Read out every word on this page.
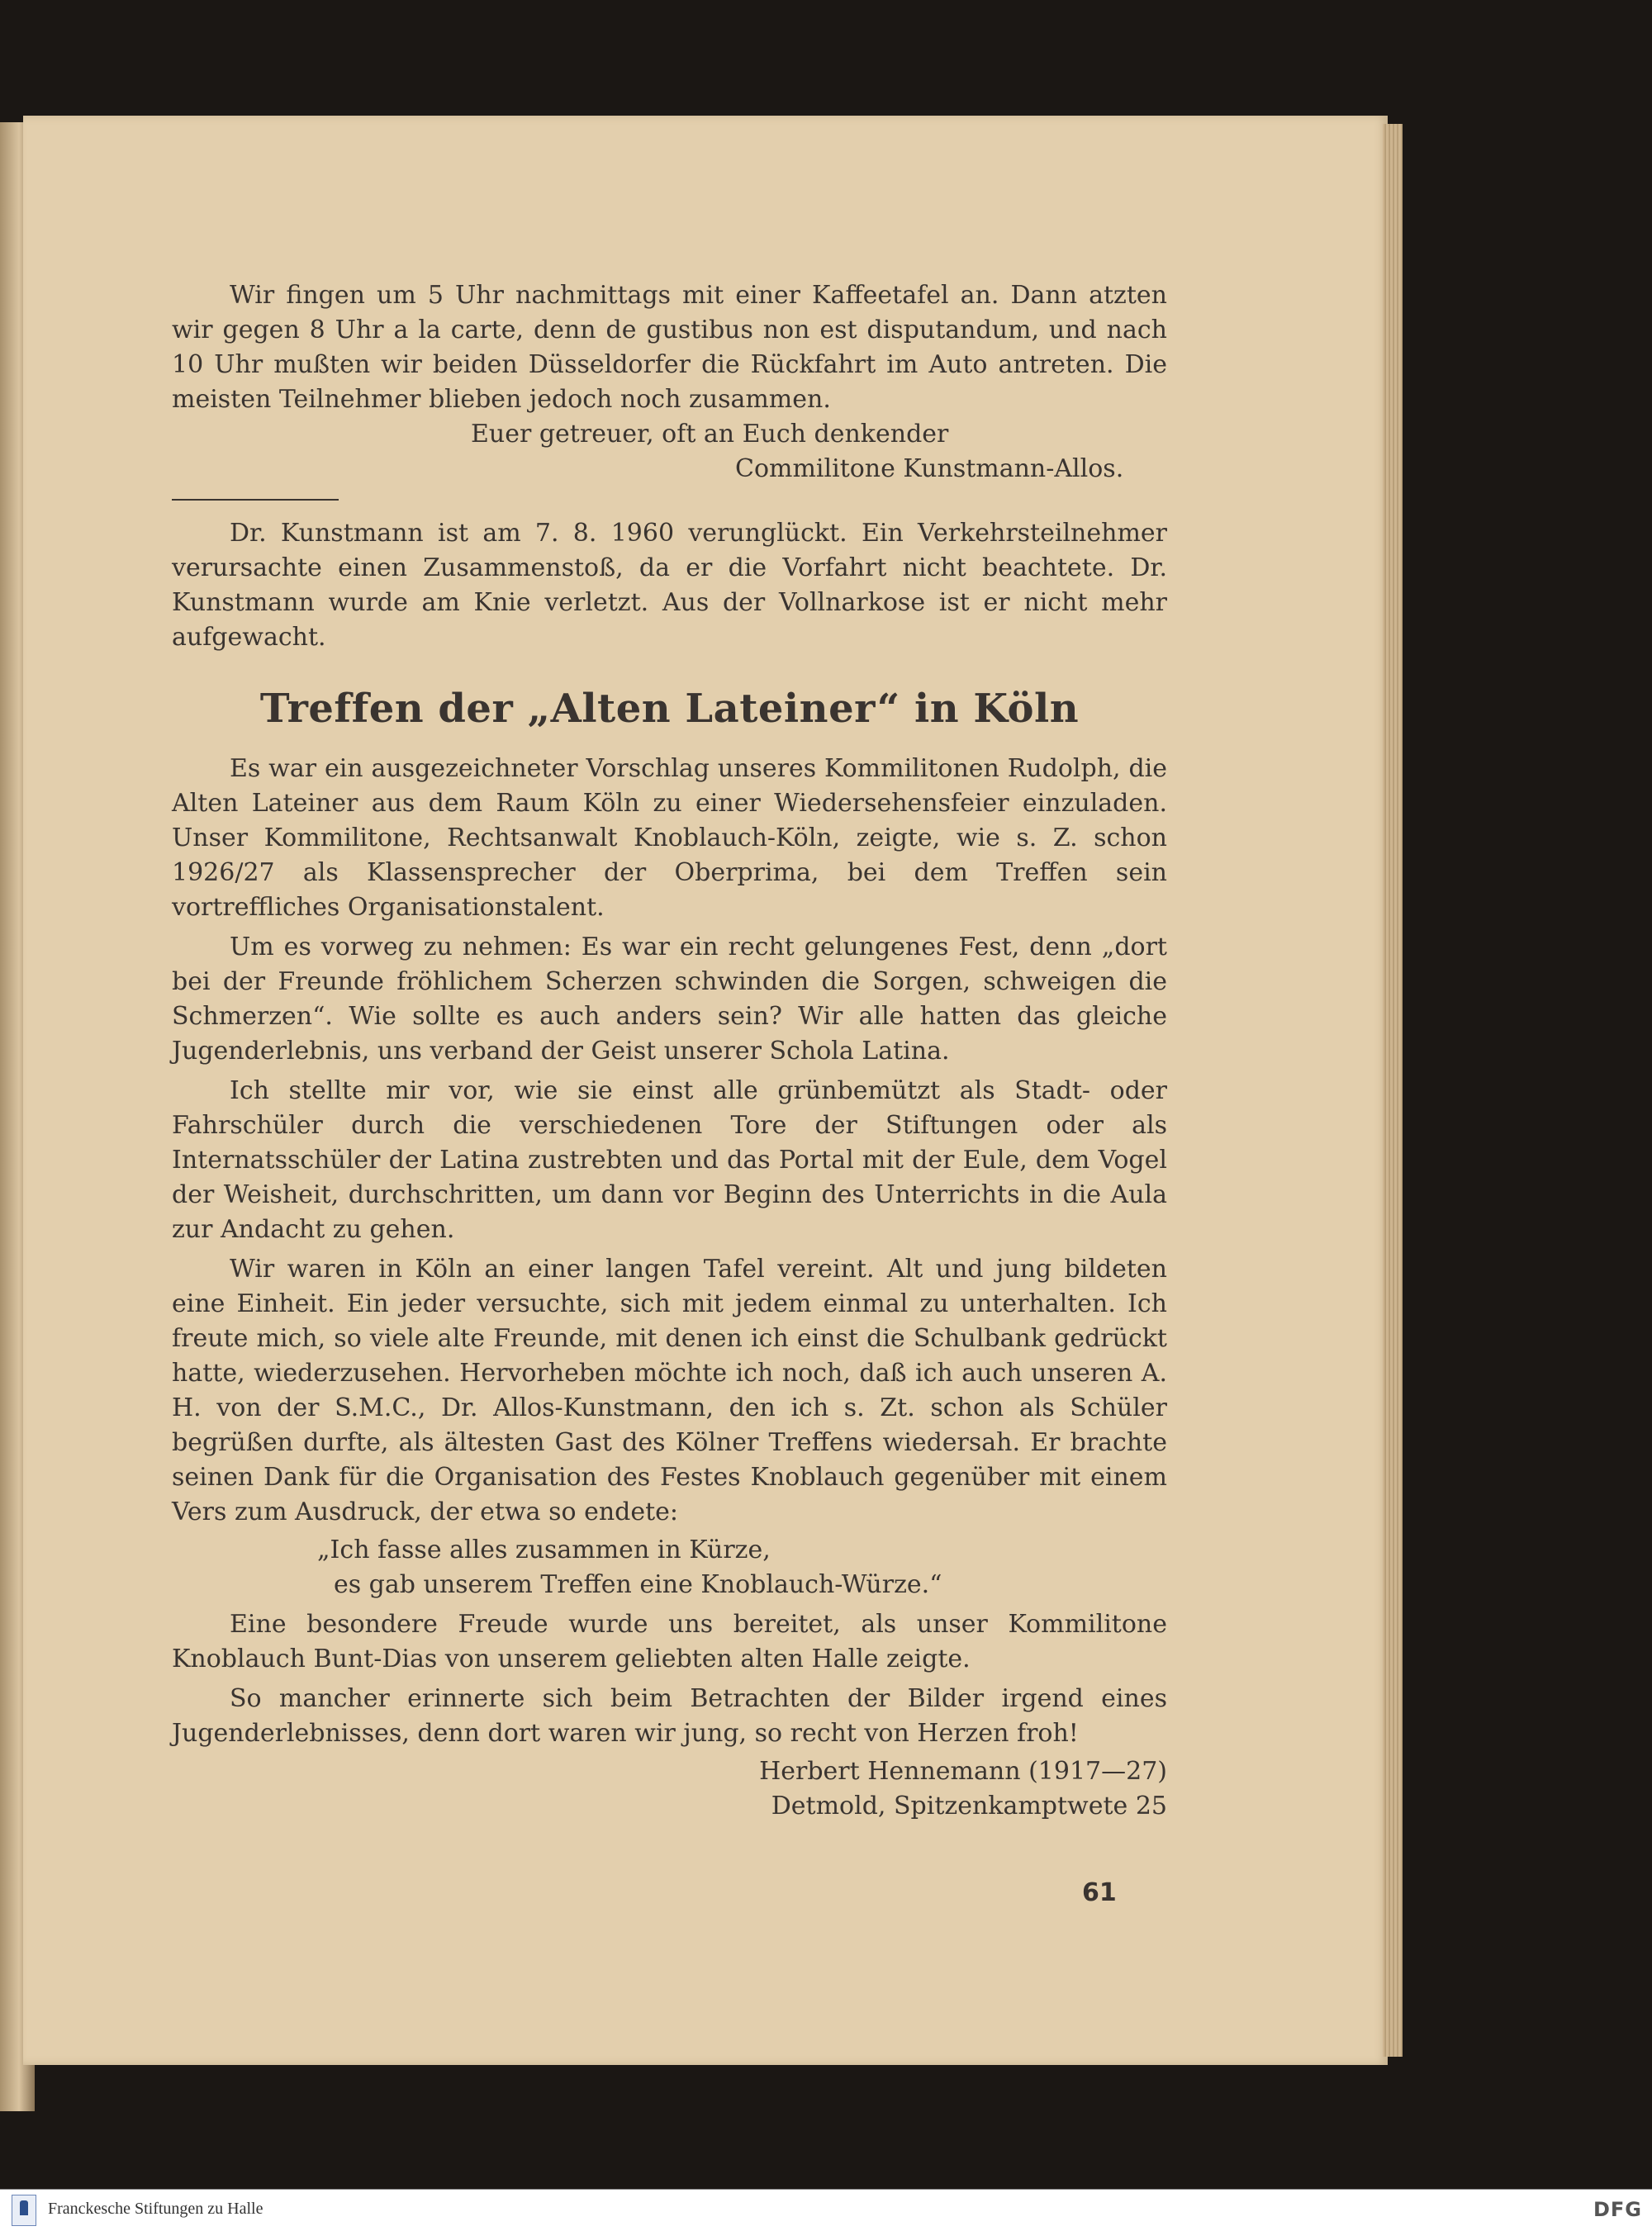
Wir fingen um 5 Uhr nachmittags mit einer Kaffeetafel an. Dann atzten wir gegen 8 Uhr a la carte, denn de gustibus non est disputandum, und nach 10 Uhr mußten wir beiden Düsseldorfer die Rückfahrt im Auto antreten. Die meisten Teilnehmer blieben jedoch noch zusammen.

Euer getreuer, oft an Euch denkender

Commilitone Kunstmann-Allos.

Dr. Kunstmann ist am 7. 8. 1960 verunglückt. Ein Verkehrsteilnehmer verursachte einen Zusammenstoß, da er die Vorfahrt nicht beachtete. Dr. Kunstmann wurde am Knie verletzt. Aus der Vollnarkose ist er nicht mehr aufgewacht.

Treffen der „Alten Lateiner“ in Köln

Es war ein ausgezeichneter Vorschlag unseres Kommilitonen Rudolph, die Alten Lateiner aus dem Raum Köln zu einer Wiedersehensfeier einzuladen. Unser Kommilitone, Rechtsanwalt Knoblauch-Köln, zeigte, wie s. Z. schon 1926/27 als Klassensprecher der Oberprima, bei dem Treffen sein vortreffliches Organisationstalent.

Um es vorweg zu nehmen: Es war ein recht gelungenes Fest, denn „dort bei der Freunde fröhlichem Scherzen schwinden die Sorgen, schweigen die Schmerzen“. Wie sollte es auch anders sein? Wir alle hatten das gleiche Jugenderlebnis, uns verband der Geist unserer Schola Latina.

Ich stellte mir vor, wie sie einst alle grünbemützt als Stadt- oder Fahrschüler durch die verschiedenen Tore der Stiftungen oder als Internatsschüler der Latina zustrebten und das Portal mit der Eule, dem Vogel der Weisheit, durchschritten, um dann vor Beginn des Unterrichts in die Aula zur Andacht zu gehen.

Wir waren in Köln an einer langen Tafel vereint. Alt und jung bildeten eine Einheit. Ein jeder versuchte, sich mit jedem einmal zu unterhalten. Ich freute mich, so viele alte Freunde, mit denen ich einst die Schulbank gedrückt hatte, wiederzusehen. Hervorheben möchte ich noch, daß ich auch unseren A. H. von der S.M.C., Dr. Allos-Kunstmann, den ich s. Zt. schon als Schüler begrüßen durfte, als ältesten Gast des Kölner Treffens wiedersah. Er brachte seinen Dank für die Organisation des Festes Knoblauch gegenüber mit einem Vers zum Ausdruck, der etwa so endete:

„Ich fasse alles zusammen in Kürze,

es gab unserem Treffen eine Knoblauch-Würze.“

Eine besondere Freude wurde uns bereitet, als unser Kommilitone Knoblauch Bunt-Dias von unserem geliebten alten Halle zeigte.

So mancher erinnerte sich beim Betrachten der Bilder irgend eines Jugenderlebnisses, denn dort waren wir jung, so recht von Herzen froh!

Herbert Hennemann (1917—27)

Detmold, Spitzenkamptwete 25

61
Franckesche Stiftungen zu Halle	DFG
